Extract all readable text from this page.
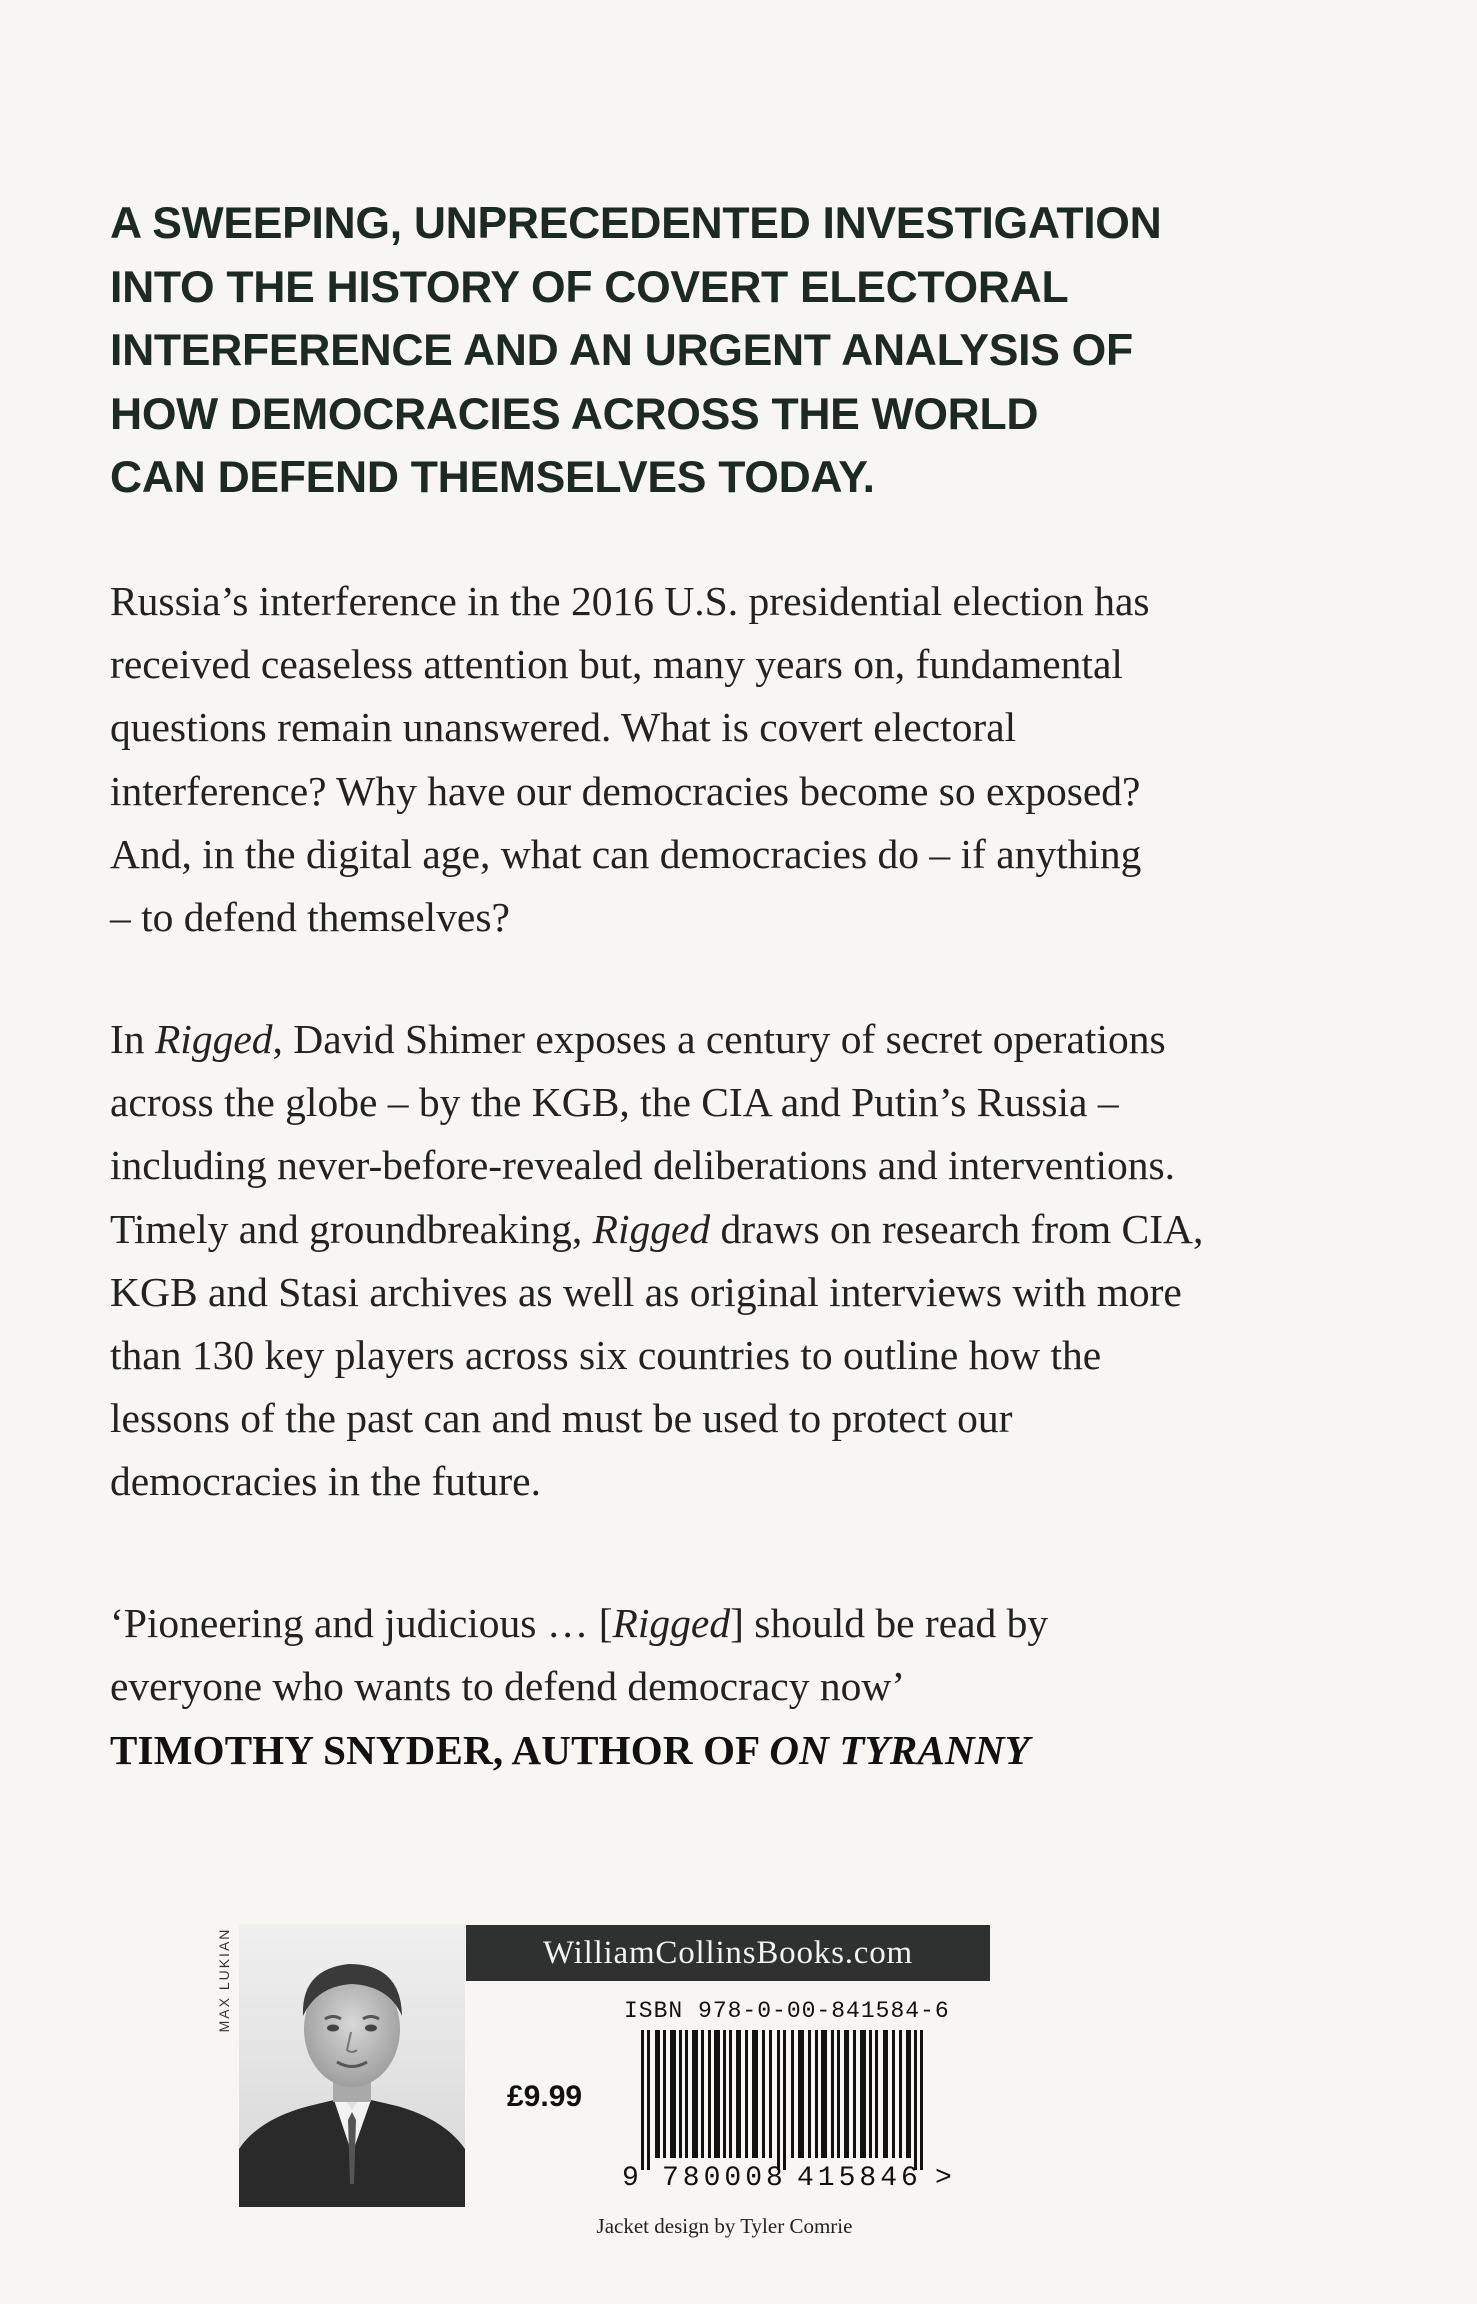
A SWEEPING, UNPRECEDENTED INVESTIGATION
INTO THE HISTORY OF COVERT ELECTORAL
INTERFERENCE AND AN URGENT ANALYSIS OF
HOW DEMOCRACIES ACROSS THE WORLD
CAN DEFEND THEMSELVES TODAY.
Russia’s interference in the 2016 U.S. presidential election has
received ceaseless attention but, many years on, fundamental
questions remain unanswered. What is covert electoral
interference? Why have our democracies become so exposed?
And, in the digital age, what can democracies do – if anything
– to defend themselves?
In Rigged, David Shimer exposes a century of secret operations
across the globe – by the KGB, the CIA and Putin’s Russia –
including never-before-revealed deliberations and interventions.
Timely and groundbreaking, Rigged draws on research from CIA,
KGB and Stasi archives as well as original interviews with more
than 130 key players across six countries to outline how the
lessons of the past can and must be used to protect our
democracies in the future.
‘Pioneering and judicious … [Rigged] should be read by
everyone who wants to defend democracy now’
TIMOTHY SNYDER, AUTHOR OF ON TYRANNY
MAX LUKIAN	WilliamCollinsBooks.com
ISBN 978-0-00-841584-6
£9.99
9 780008 415846 >
Jacket design by Tyler Comrie
